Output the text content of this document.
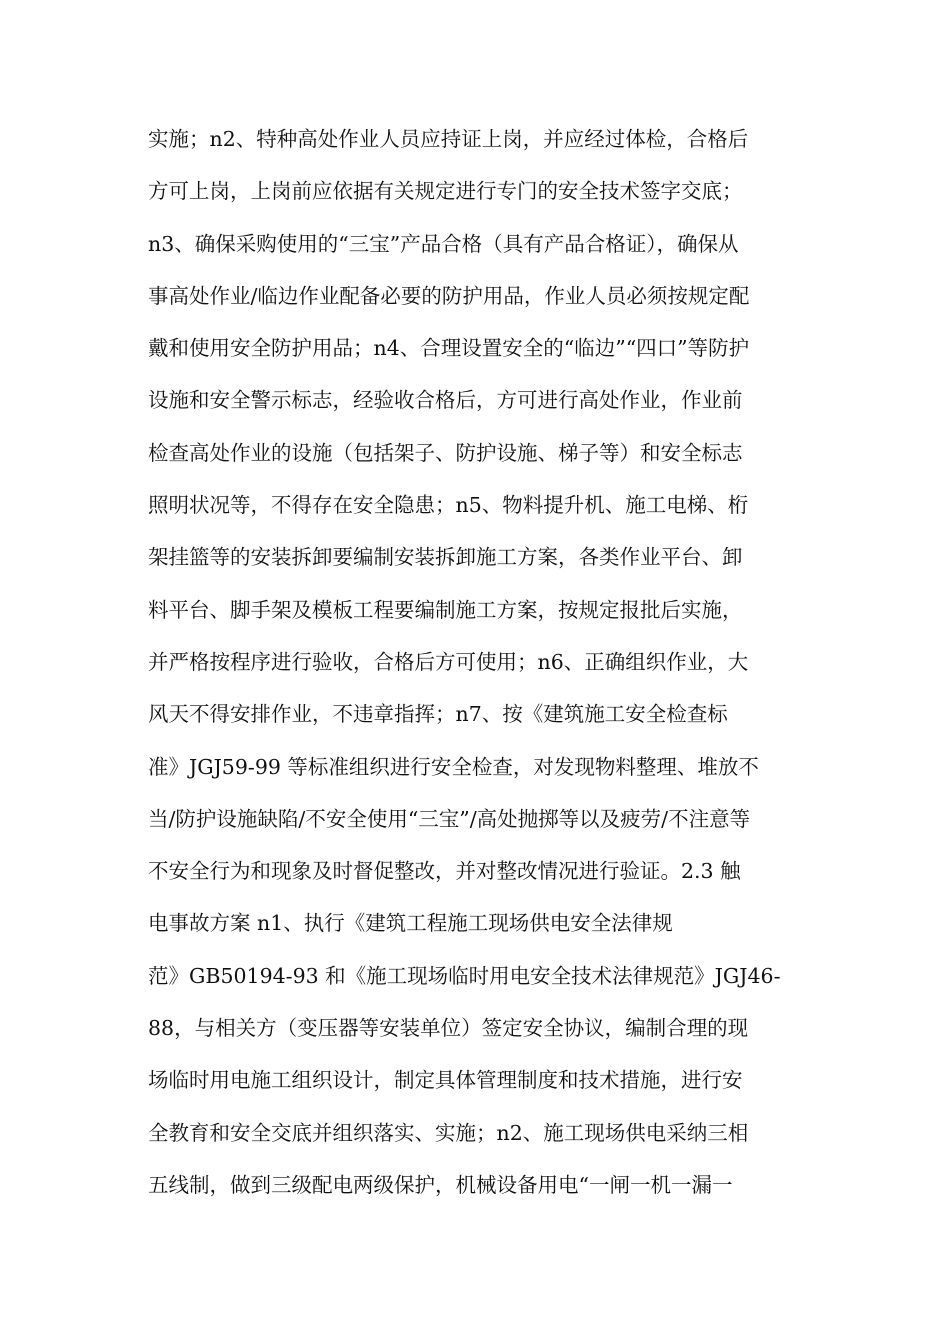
实施；n2、特种高处作业人员应持证上岗，并应经过体检，合格后
方可上岗，上岗前应依据有关规定进行专门的安全技术签字交底；
n3、确保采购使用的“三宝”产品合格（具有产品合格证），确保从
事高处作业/临边作业配备必要的防护用品，作业人员必须按规定配
戴和使用安全防护用品；n4、合理设置安全的“临边”“四口”等防护
设施和安全警示标志，经验收合格后，方可进行高处作业，作业前
检查高处作业的设施（包括架子、防护设施、梯子等）和安全标志
照明状况等，不得存在安全隐患；n5、物料提升机、施工电梯、桁
架挂篮等的安装拆卸要编制安装拆卸施工方案，各类作业平台、卸
料平台、脚手架及模板工程要编制施工方案，按规定报批后实施，
并严格按程序进行验收，合格后方可使用；n6、正确组织作业，大
风天不得安排作业，不违章指挥；n7、按《建筑施工安全检查标
准》JGJ59-99 等标准组织进行安全检查，对发现物料整理、堆放不
当/防护设施缺陷/不安全使用“三宝”/高处抛掷等以及疲劳/不注意等
不安全行为和现象及时督促整改，并对整改情况进行验证。2.3 触
电事故方案 n1、执行《建筑工程施工现场供电安全法律规
范》GB50194-93 和《施工现场临时用电安全技术法律规范》JGJ46-
88，与相关方（变压器等安装单位）签定安全协议，编制合理的现
场临时用电施工组织设计，制定具体管理制度和技术措施，进行安
全教育和安全交底并组织落实、实施；n2、施工现场供电采纳三相
五线制，做到三级配电两级保护，机械设备用电“一闸一机一漏一
